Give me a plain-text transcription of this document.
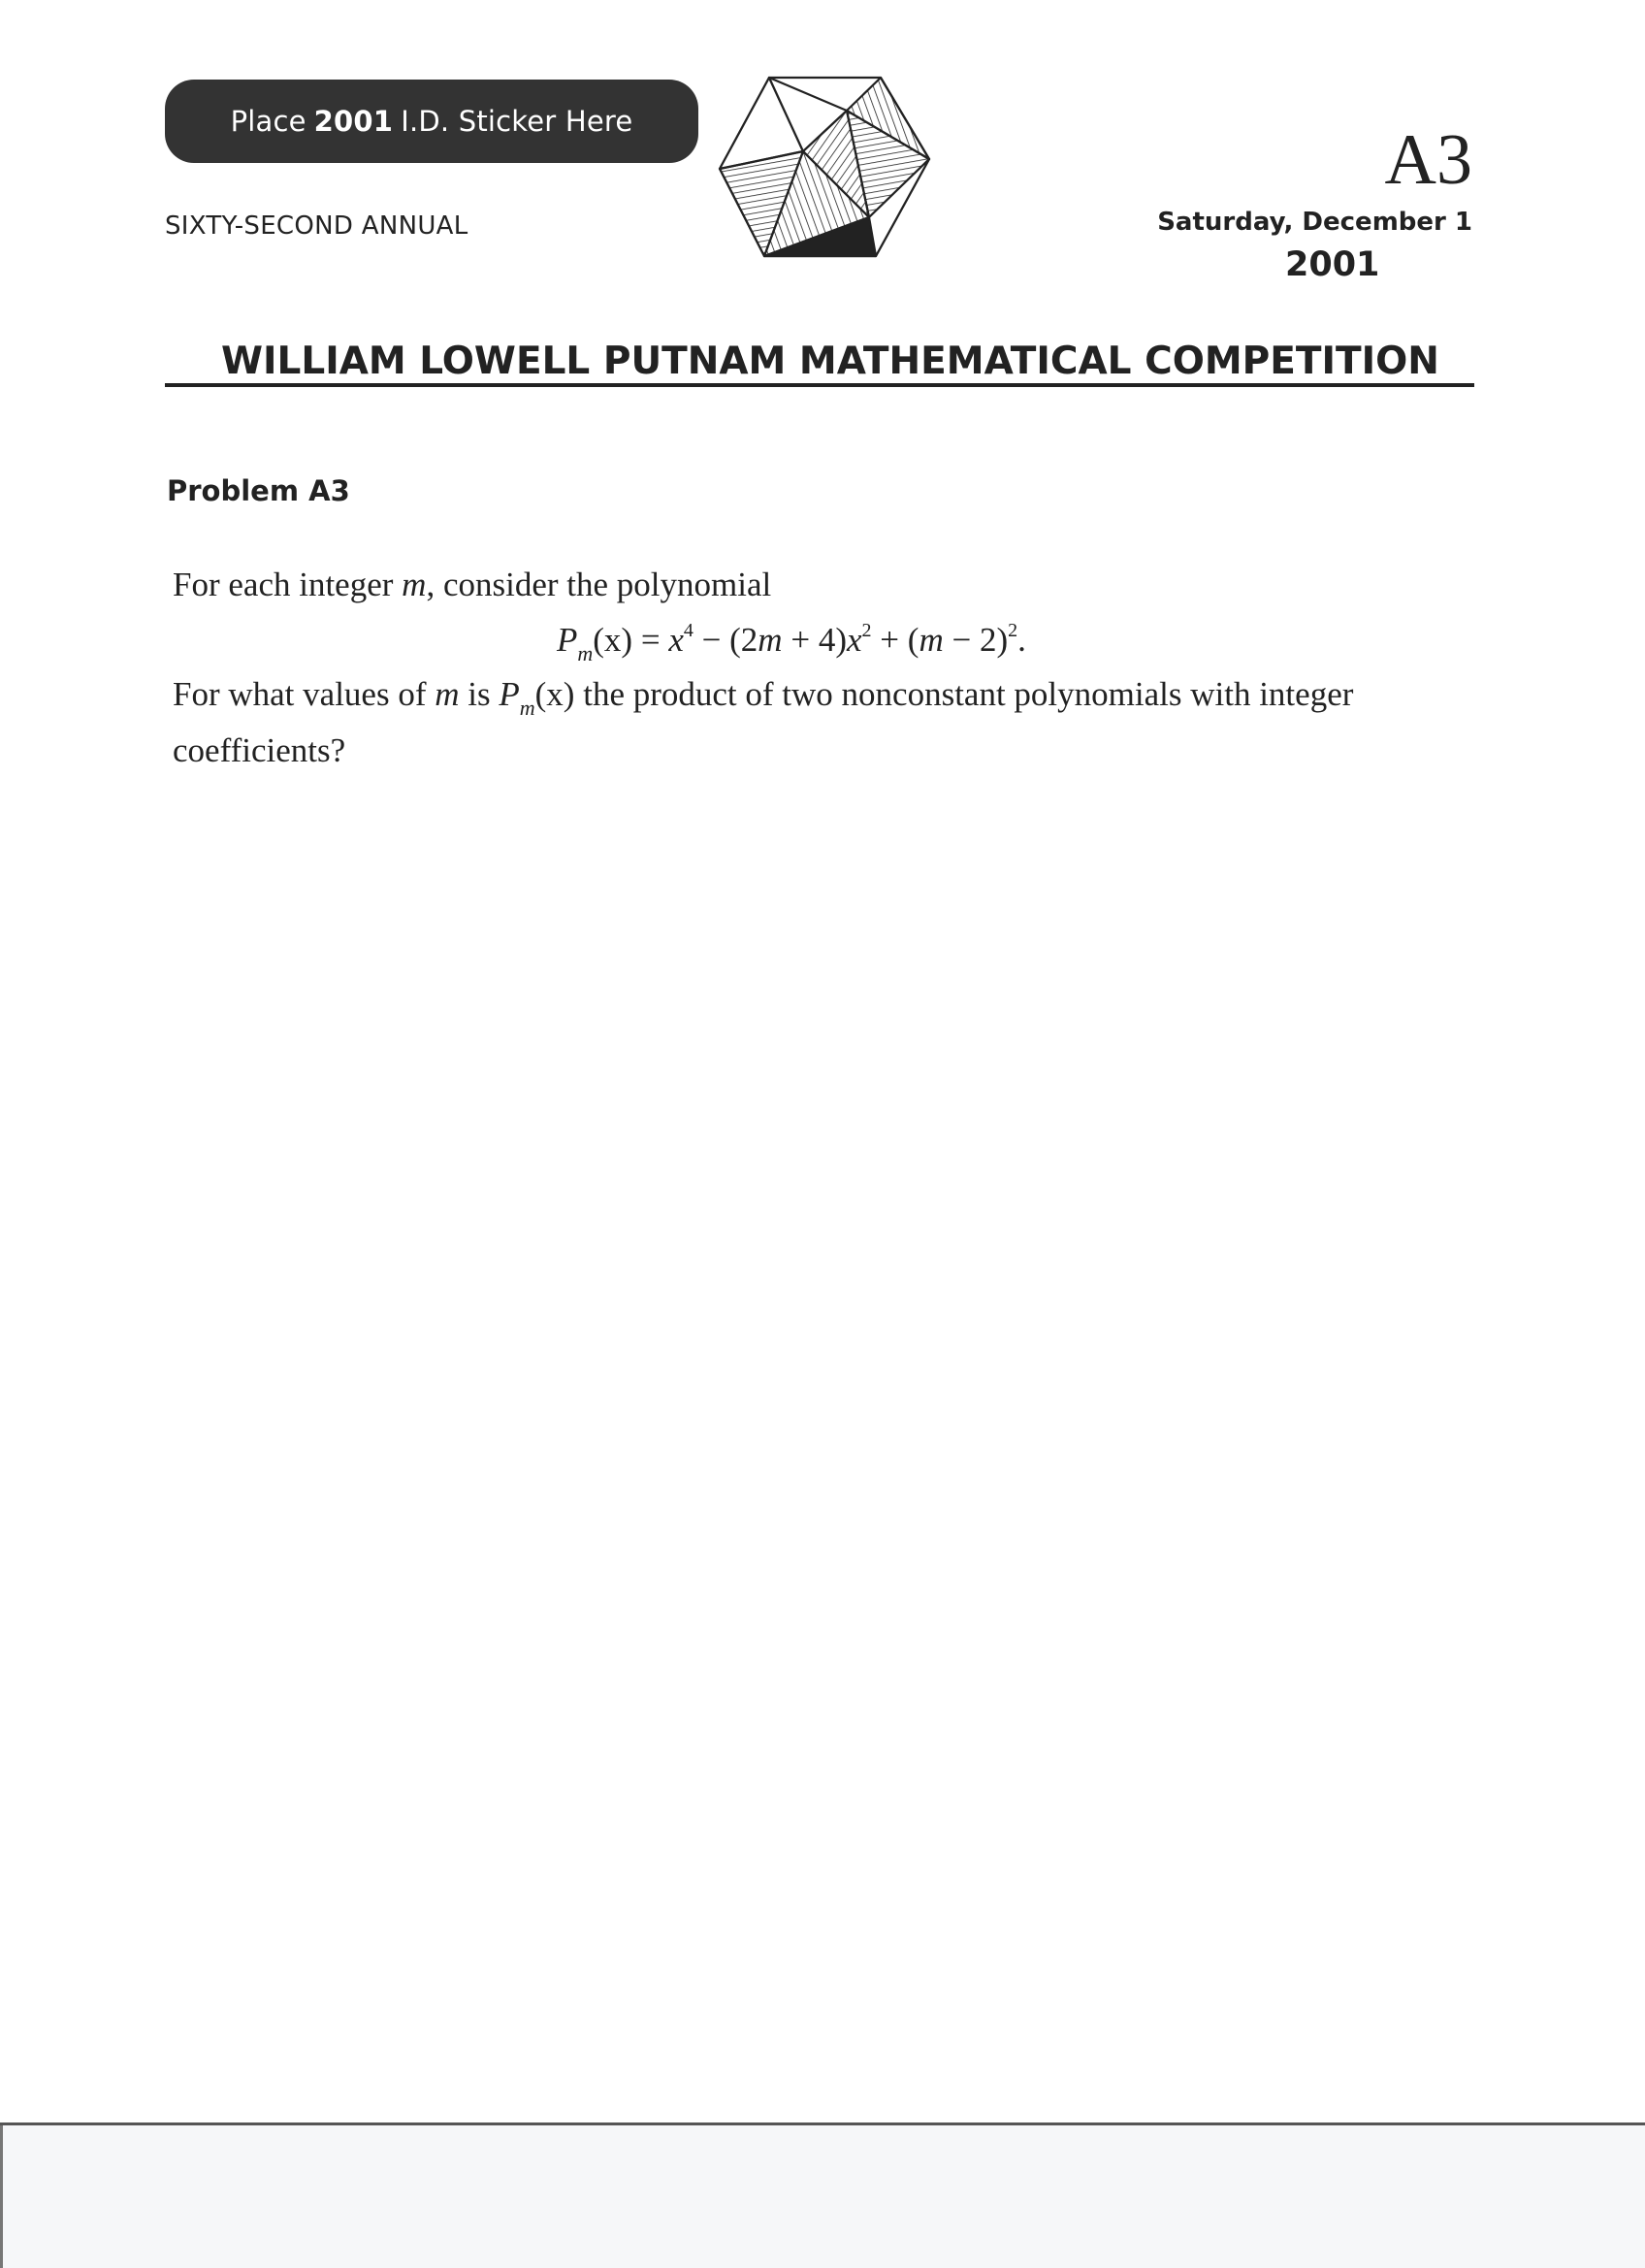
Place 2001 I.D. Sticker Here
SIXTY-SECOND ANNUAL
A3
Saturday, December 1
2001
WILLIAM LOWELL PUTNAM MATHEMATICAL COMPETITION
Problem A3
For each integer m, consider the polynomial
$P_m(x) = x^4 - (2m + 4)x^2 + (m - 2)^2$.
For what values of m is $P_m(x)$ the product of two nonconstant polynomials with integer
coefficients?
